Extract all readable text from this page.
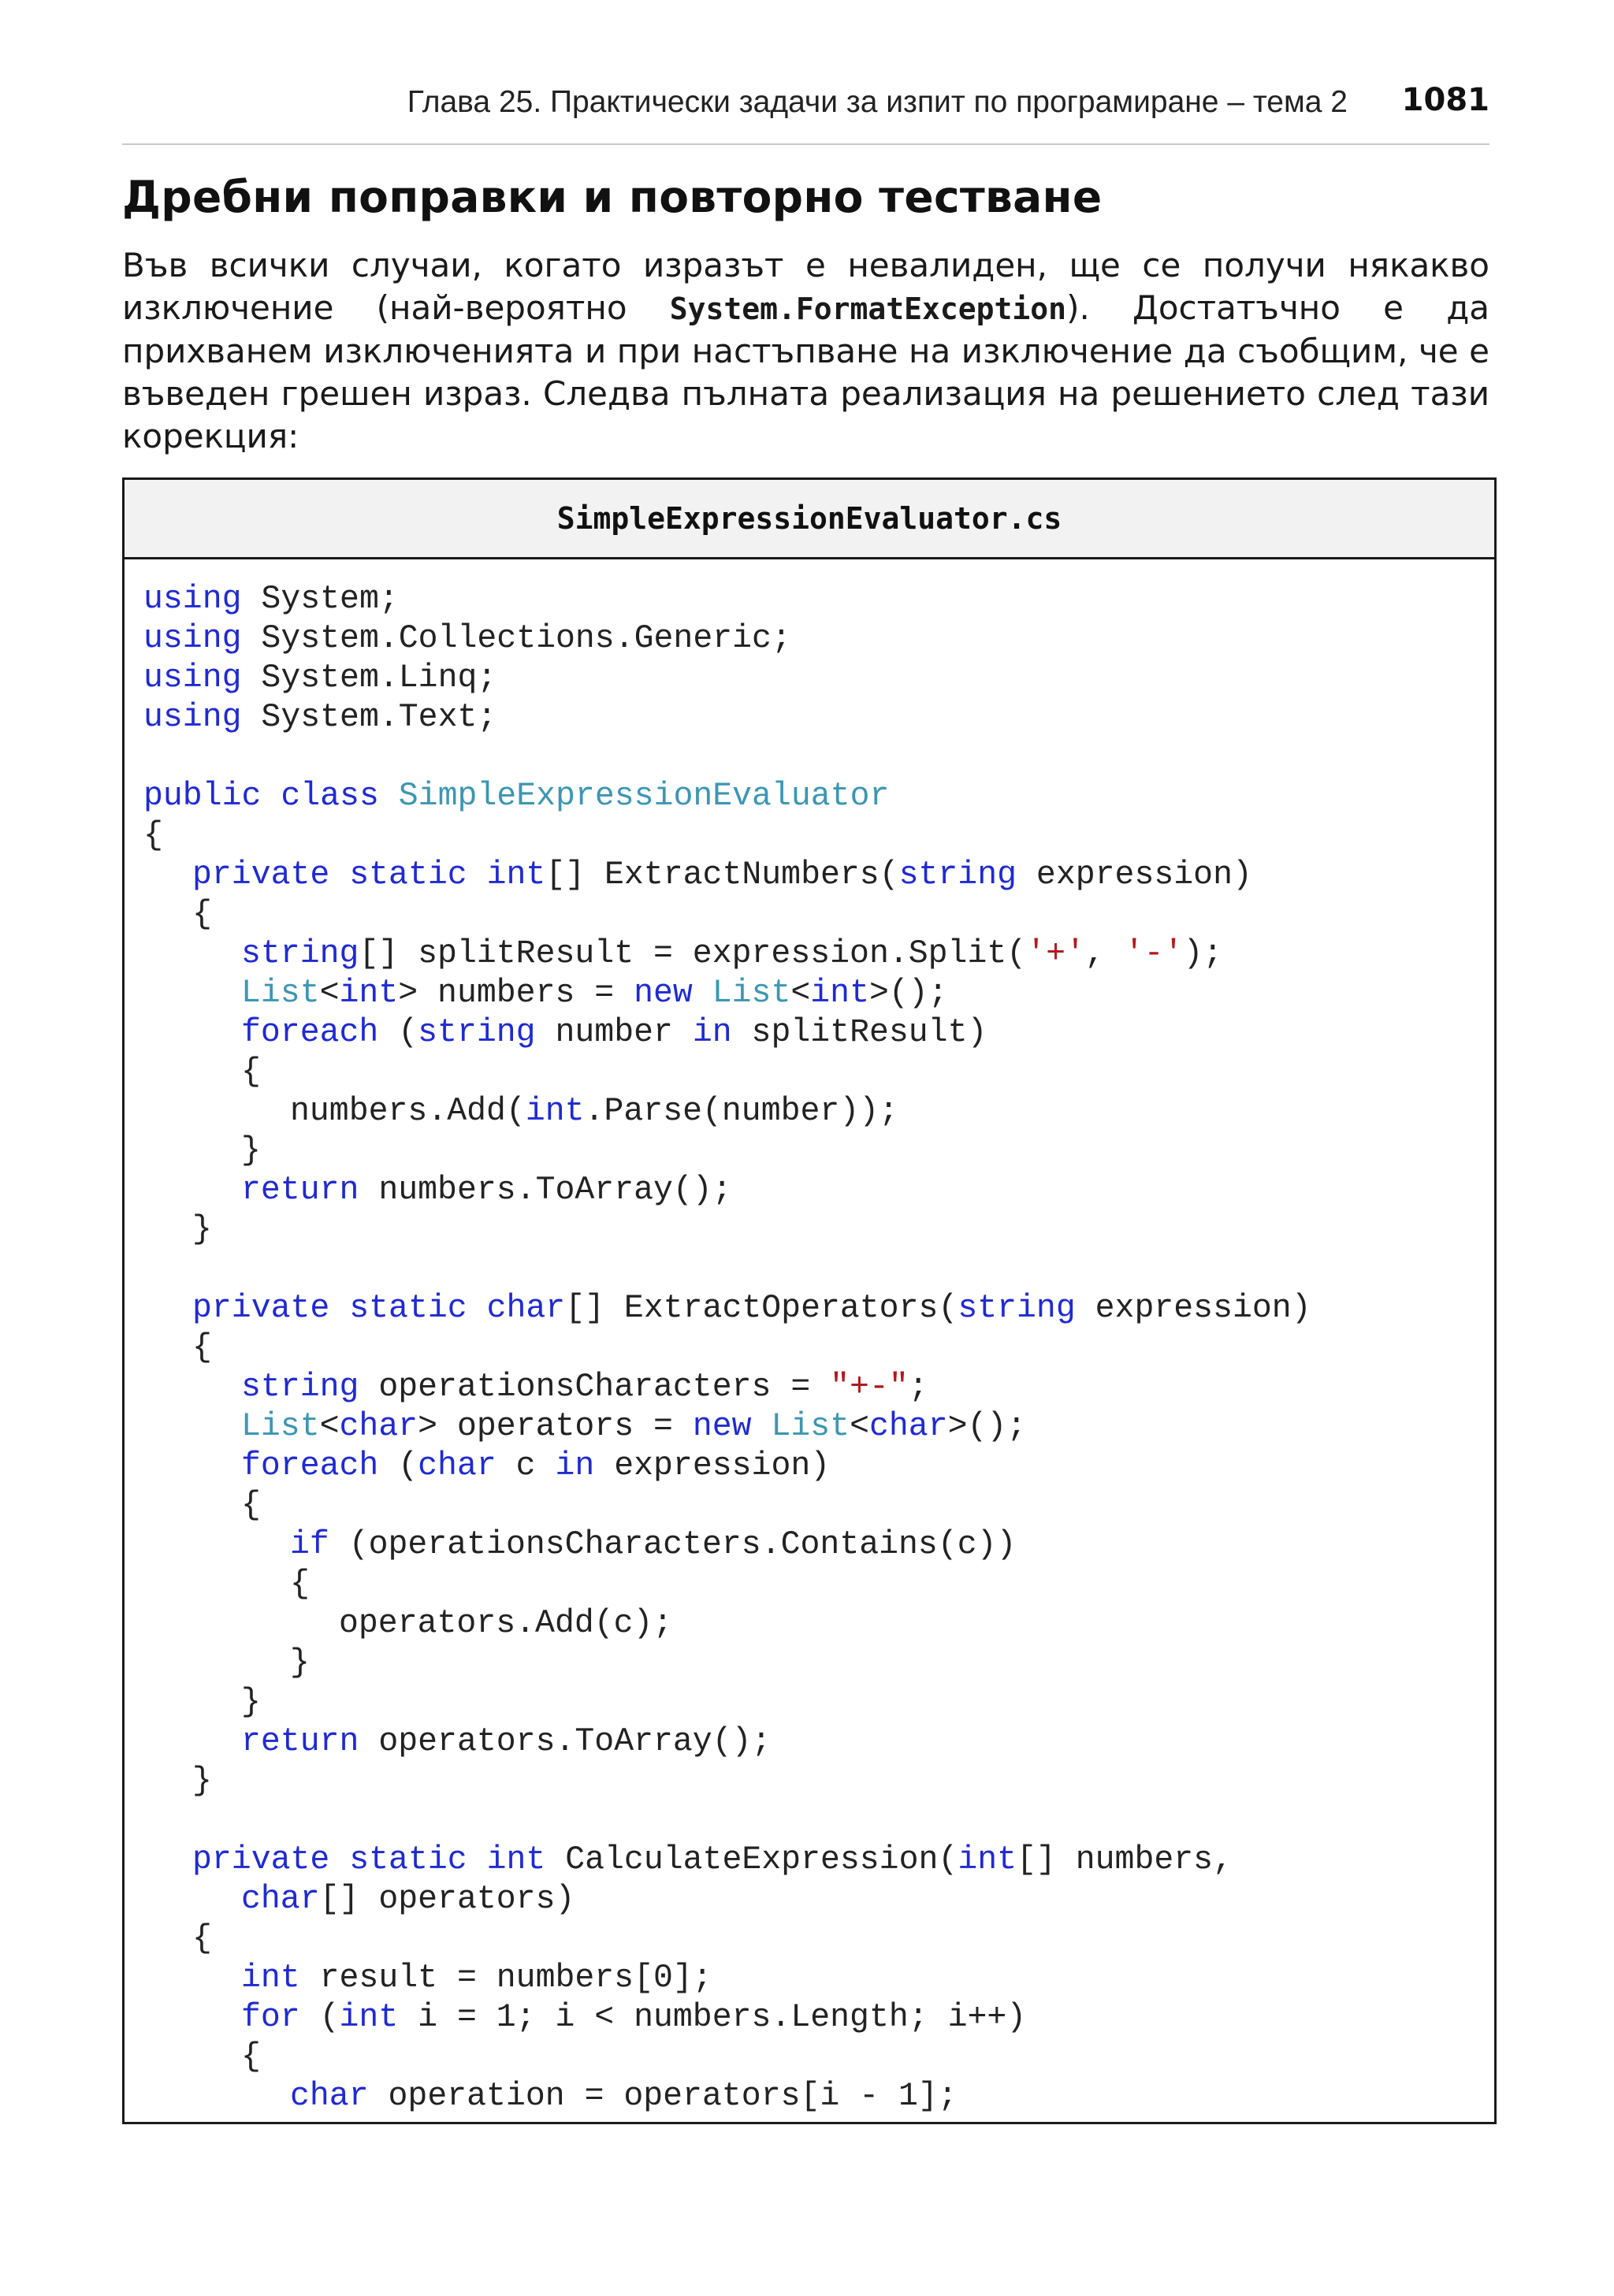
Глава 25. Практически задачи за изпит по програмиране – тема 2 1081
Дребни поправки и повторно тестване

Във всички случаи, когато изразът е невалиден, ще се получи някакво изключение (най-вероятно System.FormatException). Достатъчно е да прихванем изключенията и при настъпване на изключение да съобщим, че е въведен грешен израз. Следва пълната реализация на решението след тази корекция:

SimpleExpressionEvaluator.cs
using System;
using System.Collections.Generic;
using System.Linq;
using System.Text;
public class SimpleExpressionEvaluator
{
private static int[] ExtractNumbers(string expression)
{
string[] splitResult = expression.Split('+', '-');
List<int> numbers = new List<int>();
foreach (string number in splitResult)
{
numbers.Add(int.Parse(number));
}
return numbers.ToArray();
}
private static char[] ExtractOperators(string expression)
{
string operationsCharacters = "+-";
List<char> operators = new List<char>();
foreach (char c in expression)
{
if (operationsCharacters.Contains(c))
{
operators.Add(c);
}
}
return operators.ToArray();
}
private static int CalculateExpression(int[] numbers,
char[] operators)
{
int result = numbers[0];
for (int i = 1; i < numbers.Length; i++)
{
char operation = operators[i - 1];
